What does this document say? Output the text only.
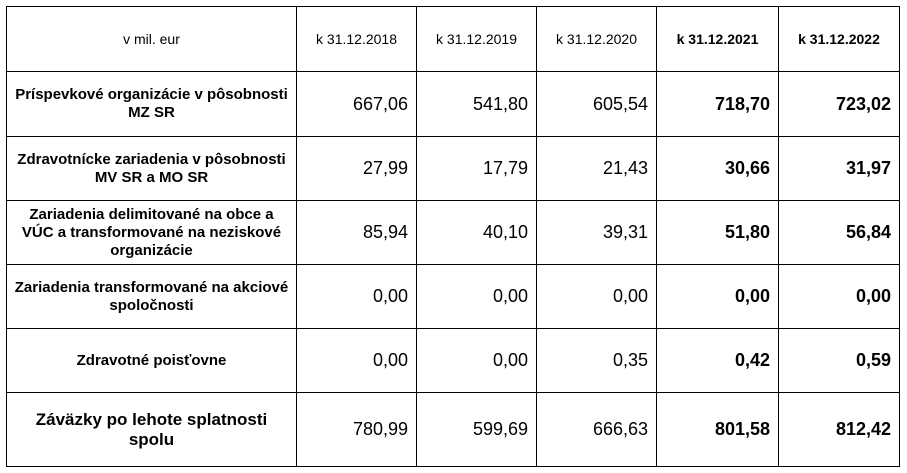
v mil. eur	k 31.12.2018	k 31.12.2019	k 31.12.2020	k 31.12.2021	k 31.12.2022
Príspevkové organizácie v pôsobnosti MZ SR	667,06	541,80	605,54	718,70	723,02
Zdravotnícke zariadenia v pôsobnosti MV SR a MO SR	27,99	17,79	21,43	30,66	31,97
Zariadenia delimitované na obce a VÚC a transformované na neziskové organizácie	85,94	40,10	39,31	51,80	56,84
Zariadenia transformované na akciové spoločnosti	0,00	0,00	0,00	0,00	0,00
Zdravotné poisťovne	0,00	0,00	0,35	0,42	0,59
Záväzky po lehote splatnosti spolu	780,99	599,69	666,63	801,58	812,42
